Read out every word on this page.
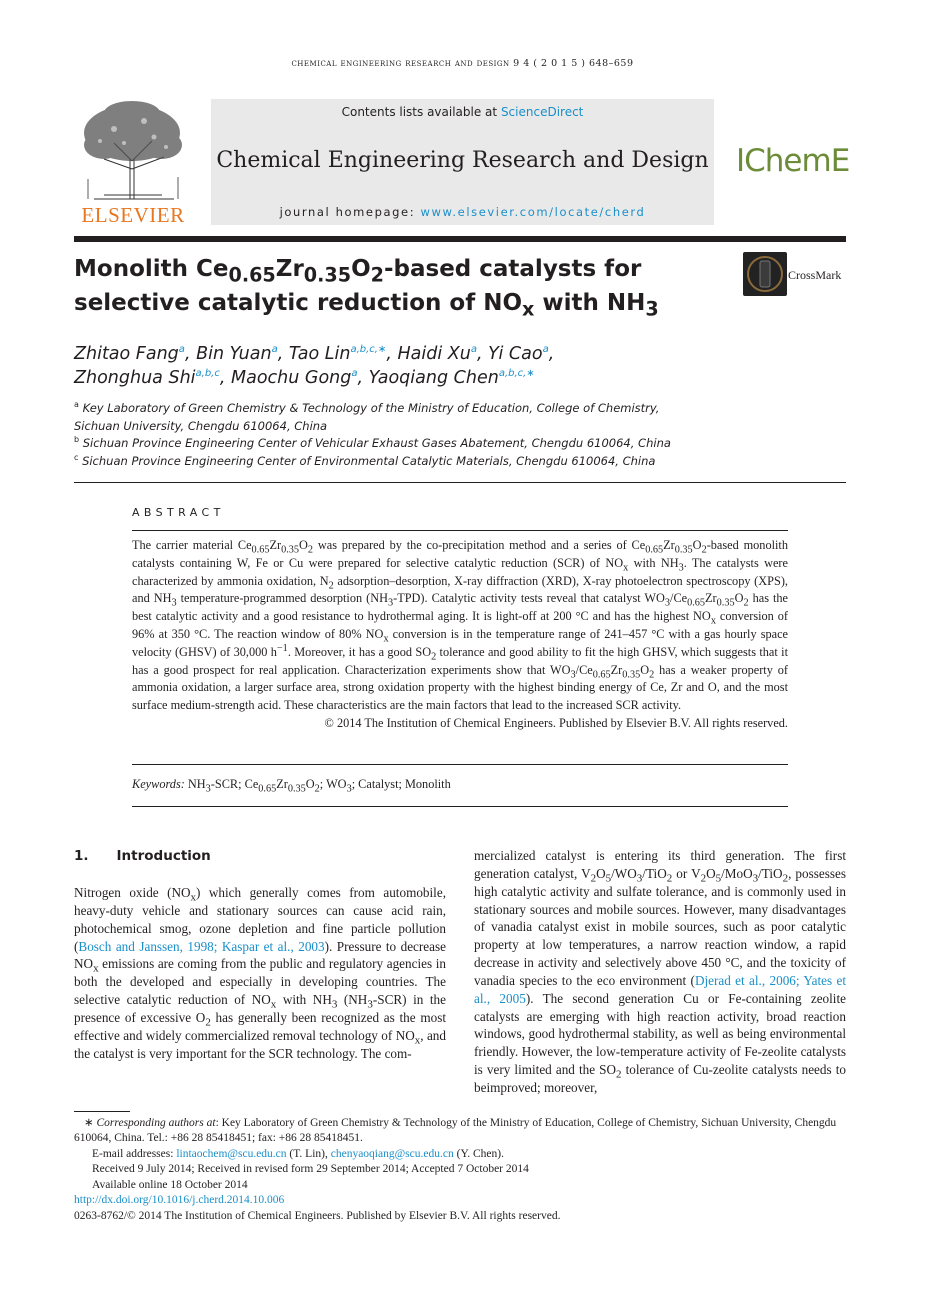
chemical engineering research and design 9 4 ( 2 0 1 5 ) 648–659
ELSEVIER
Contents lists available at ScienceDirect
Chemical Engineering Research and Design
journal homepage: www.elsevier.com/locate/cherd
IChemE
Monolith $Ce_{0.65}Zr_{0.35}O_2$-based catalysts for selective catalytic reduction of $NO_x$ with $NH_3$
CrossMark
Zhitao Fang$^a$, Bin Yuan$^a$, Tao Lin$^{a,b,c,∗}$, Haidi Xu$^a$, Yi Cao$^a$,
Zhonghua Shi$^{a,b,c}$, Maochu Gong$^a$, Yaoqiang Chen$^{a,b,c,∗}$
$^a$ Key Laboratory of Green Chemistry & Technology of the Ministry of Education, College of Chemistry,
Sichuan University, Chengdu 610064, China
$^b$ Sichuan Province Engineering Center of Vehicular Exhaust Gases Abatement, Chengdu 610064, China
$^c$ Sichuan Province Engineering Center of Environmental Catalytic Materials, Chengdu 610064, China
ABSTRACT
The carrier material $Ce_{0.65}Zr_{0.35}O_2$ was prepared by the co-precipitation method and a series of $Ce_{0.65}Zr_{0.35}O_2$-based monolith catalysts containing W, Fe or Cu were prepared for selective catalytic reduction (SCR) of $NO_x$ with $NH_3$. The catalysts were characterized by ammonia oxidation, $N_2$ adsorption–desorption, X-ray diffraction (XRD), X-ray photoelectron spectroscopy (XPS), and $NH_3$ temperature-programmed desorption $(NH_3-TPD)$. Catalytic activity tests reveal that catalyst $WO_3/Ce_{0.65}Zr_{0.35}O_2$ has the best catalytic activity and a good resistance to hydrothermal aging. It is light-off at 200 °C and has the highest $NO_x$ conversion of 96% at 350 °C. The reaction window of 80% $NO_x$ conversion is in the temperature range of 241–457 °C with a gas hourly space velocity (GHSV) of 30,000 $h^{-1}$. Moreover, it has a good $SO_2$ tolerance and good ability to fit the high GHSV, which suggests that it has a good prospect for real application. Characterization experiments show that $WO_3/Ce_{0.65}Zr_{0.35}O_2$ has a weaker property of ammonia oxidation, a larger surface area, strong oxidation property with the highest binding energy of Ce, Zr and O, and the most surface medium-strength acid. These characteristics are the main factors that lead to the increased SCR activity.
© 2014 The Institution of Chemical Engineers. Published by Elsevier B.V. All rights reserved.
Keywords: $NH_3$-SCR; $Ce_{0.65}Zr_{0.35}O_2$; $WO_3$; Catalyst; Monolith
1. Introduction
Nitrogen oxide $(NO_x)$ which generally comes from automobile, heavy-duty vehicle and stationary sources can cause acid rain, photochemical smog, ozone depletion and fine particle pollution (Bosch and Janssen, 1998; Kaspar et al., 2003). Pressure to decrease $NO_x$ emissions are coming from the public and regulatory agencies in both the developed and especially in developing countries. The selective catalytic reduction of $NO_x$ with $NH_3$ $(NH_3-SCR)$ in the presence of excessive $O_2$ has generally been recognized as the most effective and widely commercialized removal technology of $NO_x$, and the catalyst is very important for the SCR technology. The com-
mercialized catalyst is entering its third generation. The first generation catalyst, $V_2O_5/WO_3/TiO_2$ or $V_2O_5/MoO_3/TiO_2$, possesses high catalytic activity and sulfate tolerance, and is commonly used in stationary sources and mobile sources. However, many disadvantages of vanadia catalyst exist in mobile sources, such as poor catalytic property at low temperatures, a narrow reaction window, a rapid decrease in activity and selectively above 450 °C, and the toxicity of vanadia species to the eco environment (Djerad et al., 2006; Yates et al., 2005). The second generation Cu or Fe-containing zeolite catalysts are emerging with high reaction activity, broad reaction windows, good hydrothermal stability, as well as being environmental friendly. However, the low-temperature activity of Fe-zeolite catalysts is very limited and the $SO_2$ tolerance of Cu-zeolite catalysts needs to beimproved; moreover,
∗ Corresponding authors at: Key Laboratory of Green Chemistry & Technology of the Ministry of Education, College of Chemistry, Sichuan University, Chengdu 610064, China. Tel.: +86 28 85418451; fax: +86 28 85418451.
E-mail addresses: lintaochem@scu.edu.cn (T. Lin), chenyaoqiang@scu.edu.cn (Y. Chen).
Received 9 July 2014; Received in revised form 29 September 2014; Accepted 7 October 2014
Available online 18 October 2014
http://dx.doi.org/10.1016/j.cherd.2014.10.006
0263-8762/© 2014 The Institution of Chemical Engineers. Published by Elsevier B.V. All rights reserved.
